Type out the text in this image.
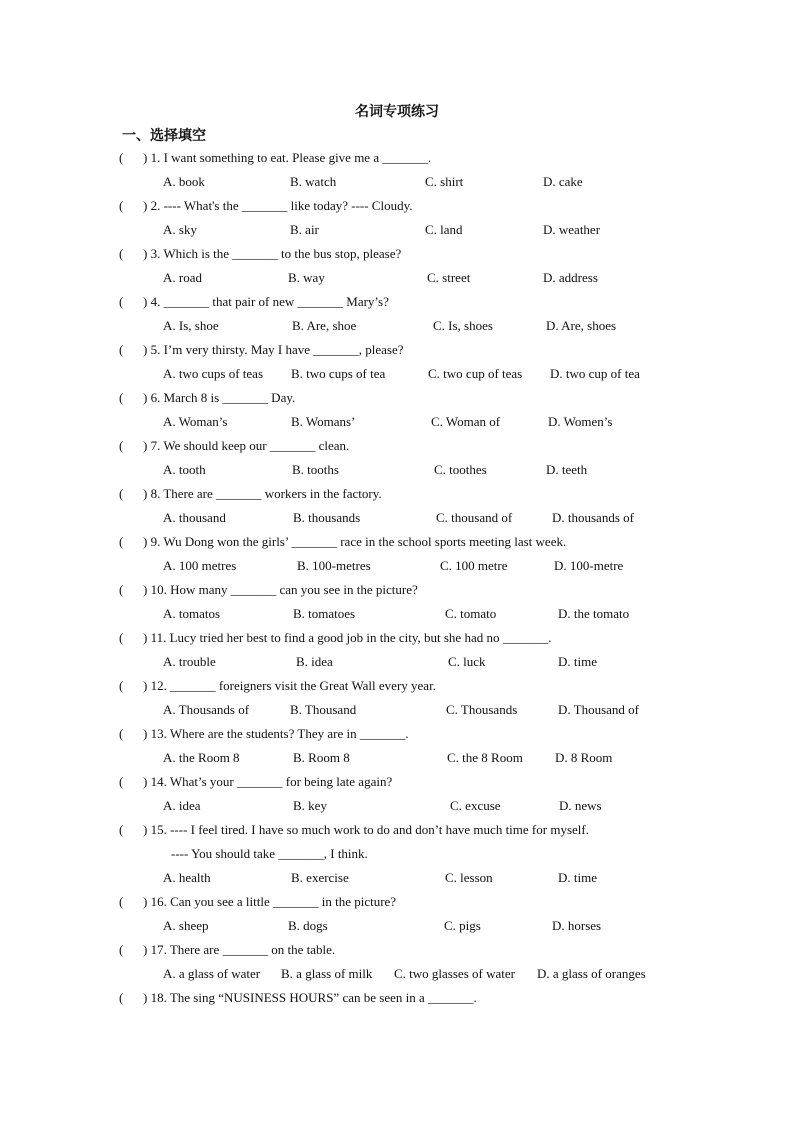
名词专项练习
一、选择填空
( ) 1. I want something to eat. Please give me a _______.
A. book	B. watch	C. shirt	D. cake
( ) 2. ---- What's the _______ like today? ---- Cloudy.
A. sky	B. air	C. land	D. weather
( ) 3. Which is the _______ to the bus stop, please?
A. road	B. way	C. street	D. address
( ) 4. _______ that pair of new _______ Mary’s?
A. Is, shoe	B. Are, shoe	C. Is, shoes	D. Are, shoes
( ) 5. I’m very thirsty. May I have _______, please?
A. two cups of teas B. two cups of tea	C. two cup of teas D. two cup of tea
( ) 6. March 8 is _______ Day.
A. Woman’s	B. Womans’	C. Woman of	D. Women’s
( ) 7. We should keep our _______ clean.
A. tooth	B. tooths	C. toothes	D. teeth
( ) 8. There are _______ workers in the factory.
A. thousand	B. thousands	C. thousand of	D. thousands of
( ) 9. Wu Dong won the girls’ _______ race in the school sports meeting last week.
A. 100 metres	B. 100-metres	C. 100 metre	D. 100-metre
( ) 10. How many _______ can you see in the picture?
A. tomatos	B. tomatoes	C. tomato	D. the tomato
( ) 11. Lucy tried her best to find a good job in the city, but she had no _______.
A. trouble	B. idea	C. luck	D. time
( ) 12. _______ foreigners visit the Great Wall every year.
A. Thousands of	B. Thousand	C. Thousands	D. Thousand of
( ) 13. Where are the students? They are in _______.
A. the Room 8	B. Room 8	C. the 8 Room D. 8 Room
( ) 14. What’s your _______ for being late again?
A. idea	B. key	C. excuse	D. news
( ) 15. ---- I feel tired. I have so much work to do and don’t have much time for myself.
---- You should take _______, I think.
A. health	B. exercise	C. lesson	D. time
( ) 16. Can you see a little _______ in the picture?
A. sheep	B. dogs	C. pigs	D. horses
( ) 17. There are _______ on the table.
A. a glass of water B. a glass of milk C. two glasses of water D. a glass of oranges
( ) 18. The sing “NUSINESS HOURS” can be seen in a _______.
